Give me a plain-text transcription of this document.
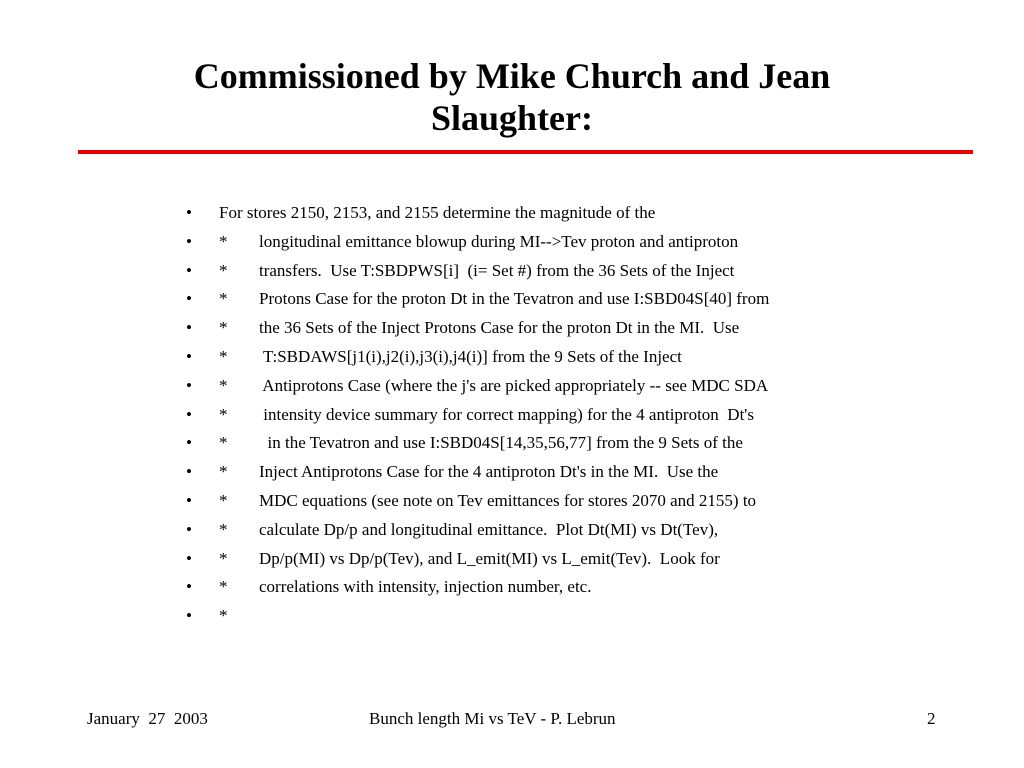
Commissioned by Mike Church and Jean
Slaughter:
•	For stores 2150, 2153, and 2155 determine the magnitude of the
•	*	longitudinal emittance blowup during MI-->Tev proton and antiproton
•	*	transfers.  Use T:SBDPWS[i]  (i= Set #) from the 36 Sets of the Inject
•	*	Protons Case for the proton Dt in the Tevatron and use I:SBD04S[40] from
•	*	the 36 Sets of the Inject Protons Case for the proton Dt in the MI.  Use
•	*	T:SBDAWS[j1(i),j2(i),j3(i),j4(i)] from the 9 Sets of the Inject
•	*	Antiprotons Case (where the j's are picked appropriately -- see MDC SDA
•	*	intensity device summary for correct mapping) for the 4 antiproton  Dt's
•	*	in the Tevatron and use I:SBD04S[14,35,56,77] from the 9 Sets of the
•	*	Inject Antiprotons Case for the 4 antiproton Dt's in the MI.  Use the
•	*	MDC equations (see note on Tev emittances for stores 2070 and 2155) to
•	*	calculate Dp/p and longitudinal emittance.  Plot Dt(MI) vs Dt(Tev),
•	*	Dp/p(MI) vs Dp/p(Tev), and L_emit(MI) vs L_emit(Tev).  Look for
•	*	correlations with intensity, injection number, etc.
•	*
January  27  2003	Bunch length Mi vs TeV - P. Lebrun	2
